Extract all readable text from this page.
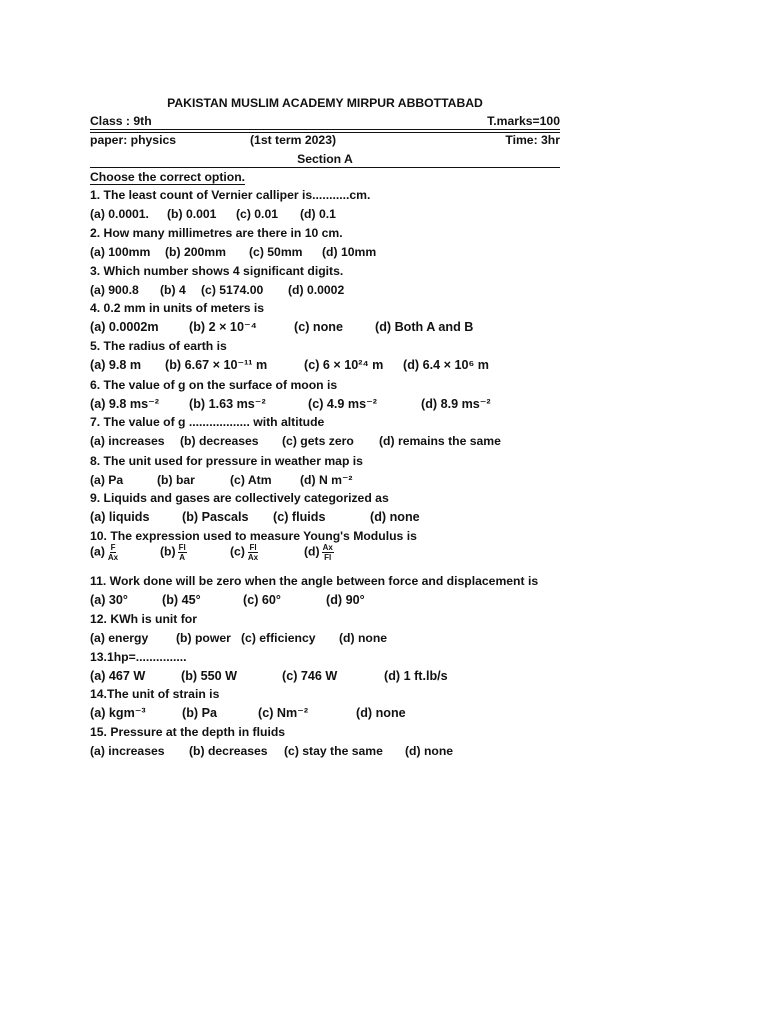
PAKISTAN MUSLIM ACADEMY MIRPUR ABBOTTABAD
Class : 9th	T.marks=100
paper: physics	(1st term 2023)	Time: 3hr
Section A
Choose the correct option.
1. The least count of Vernier calliper is...........cm.
(a) 0.0001. (b) 0.001 (c) 0.01 (d) 0.1
2. How many millimetres are there in 10 cm.
(a) 100mm (b) 200mm (c) 50mm (d) 10mm
3. Which number shows 4 significant digits.
(a) 900.8 (b) 4 (c) 5174.00 (d) 0.0002
4. 0.2 mm in units of meters is
(a) 0.0002m (b) 2 × 10⁻⁴	(c) none	(d) Both A and B
5. The radius of earth is
(a) 9.8 m (b) 6.67 × 10⁻¹¹ m	(c) 6 × 10²⁴ m (d) 6.4 × 10⁶ m
6. The value of g on the surface of moon is
(a) 9.8 ms⁻² (b) 1.63 ms⁻²	(c) 4.9 ms⁻²	(d) 8.9 ms⁻²
7. The value of g .................. with altitude
(a) increases (b) decreases (c) gets zero (d) remains the same
8. The unit used for pressure in weather map is
(a) Pa	(b) bar	(c) Atm (d) N m⁻²
9. Liquids and gases are collectively categorized as
(a) liquids	(b) Pascals (c) fluids	(d) none
10. The expression used to measure Young's Modulus is
$(a) \frac{F}{Ax}$	$(b) \frac{Fl}{A}$	$(c) \frac{Fl}{Ax}$	$(d) \frac{Ax}{Fl}$
11. Work done will be zero when the angle between force and displacement is
(a) 30°	(b) 45°	(c) 60°	(d) 90°
12. KWh is unit for
(a) energy (b) power (c) efficiency (d) none
13.1hp=...............
(a) 467 W	(b) 550 W	(c) 746 W	(d) 1 ft.lb/s
14.The unit of strain is
(a) kgm⁻³	(b) Pa	(c) Nm⁻²	(d) none
15. Pressure at the depth in fluids
(a) increases (b) decreases (c) stay the same (d) none
